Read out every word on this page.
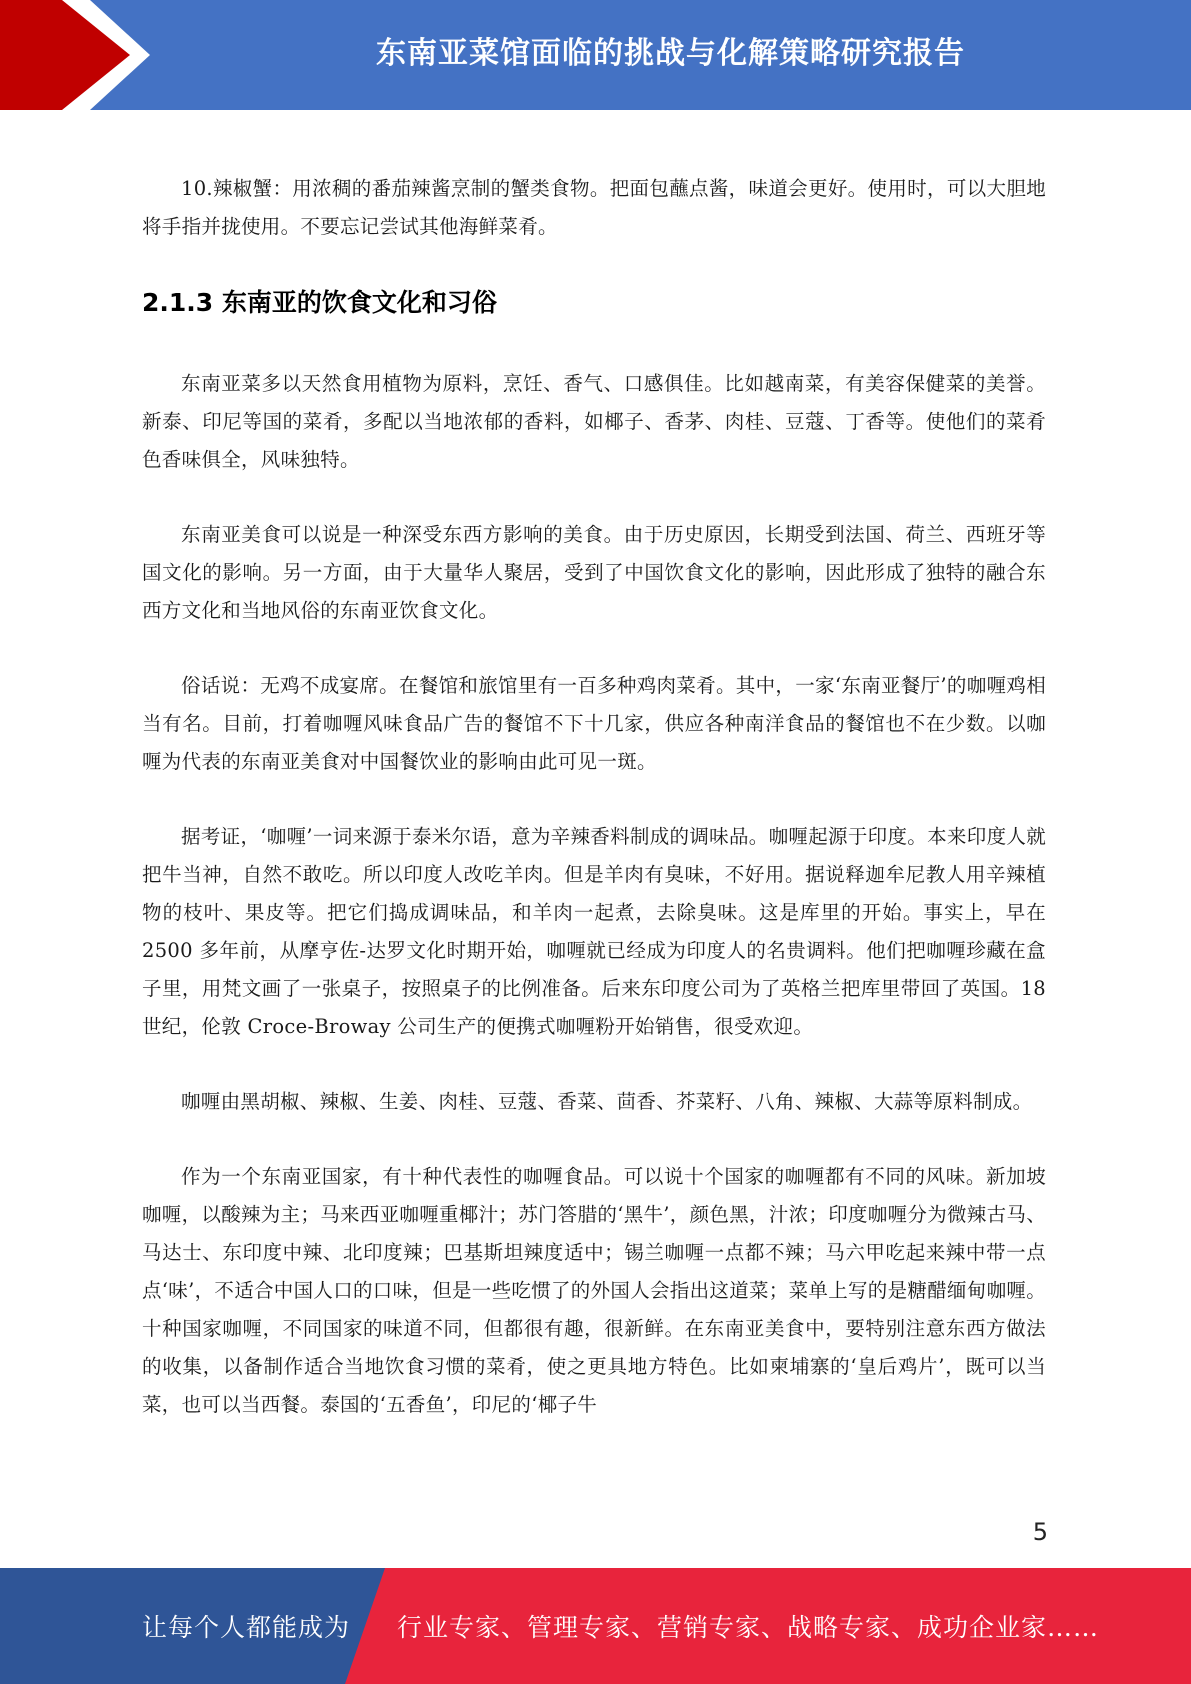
东南亚菜馆面临的挑战与化解策略研究报告

10.辣椒蟹：用浓稠的番茄辣酱烹制的蟹类食物。把面包蘸点酱，味道会更好。使用时，可以大胆地将手指并拢使用。不要忘记尝试其他海鲜菜肴。

2.1.3 东南亚的饮食文化和习俗

东南亚菜多以天然食用植物为原料，烹饪、香气、口感俱佳。比如越南菜，有美容保健菜的美誉。新泰、印尼等国的菜肴，多配以当地浓郁的香料，如椰子、香茅、肉桂、豆蔻、丁香等。使他们的菜肴色香味俱全，风味独特。

东南亚美食可以说是一种深受东西方影响的美食。由于历史原因，长期受到法国、荷兰、西班牙等国文化的影响。另一方面，由于大量华人聚居，受到了中国饮食文化的影响，因此形成了独特的融合东西方文化和当地风俗的东南亚饮食文化。

俗话说：无鸡不成宴席。在餐馆和旅馆里有一百多种鸡肉菜肴。其中，一家‘东南亚餐厅’的咖喱鸡相当有名。目前，打着咖喱风味食品广告的餐馆不下十几家，供应各种南洋食品的餐馆也不在少数。以咖喱为代表的东南亚美食对中国餐饮业的影响由此可见一斑。

据考证，‘咖喱’一词来源于泰米尔语，意为辛辣香料制成的调味品。咖喱起源于印度。本来印度人就把牛当神，自然不敢吃。所以印度人改吃羊肉。但是羊肉有臭味，不好用。据说释迦牟尼教人用辛辣植物的枝叶、果皮等。把它们捣成调味品，和羊肉一起煮，去除臭味。这是库里的开始。事实上，早在 2500 多年前，从摩亨佐-达罗文化时期开始，咖喱就已经成为印度人的名贵调料。他们把咖喱珍藏在盒子里，用梵文画了一张桌子，按照桌子的比例准备。后来东印度公司为了英格兰把库里带回了英国。18 世纪，伦敦 Croce-Broway 公司生产的便携式咖喱粉开始销售，很受欢迎。

咖喱由黑胡椒、辣椒、生姜、肉桂、豆蔻、香菜、茴香、芥菜籽、八角、辣椒、大蒜等原料制成。

作为一个东南亚国家，有十种代表性的咖喱食品。可以说十个国家的咖喱都有不同的风味。新加坡咖喱，以酸辣为主；马来西亚咖喱重椰汁；苏门答腊的‘黑牛’，颜色黑，汁浓；印度咖喱分为微辣古马、马达士、东印度中辣、北印度辣；巴基斯坦辣度适中；锡兰咖喱一点都不辣；马六甲吃起来辣中带一点点‘味’，不适合中国人口的口味，但是一些吃惯了的外国人会指出这道菜；菜单上写的是糖醋缅甸咖喱。十种国家咖喱，不同国家的味道不同，但都很有趣，很新鲜。在东南亚美食中，要特别注意东西方做法的收集，以备制作适合当地饮食习惯的菜肴，使之更具地方特色。比如柬埔寨的‘皇后鸡片’，既可以当菜，也可以当西餐。泰国的‘五香鱼’，印尼的‘椰子牛

5
让每个人都能成为 行业专家、管理专家、营销专家、战略专家、成功企业家……
